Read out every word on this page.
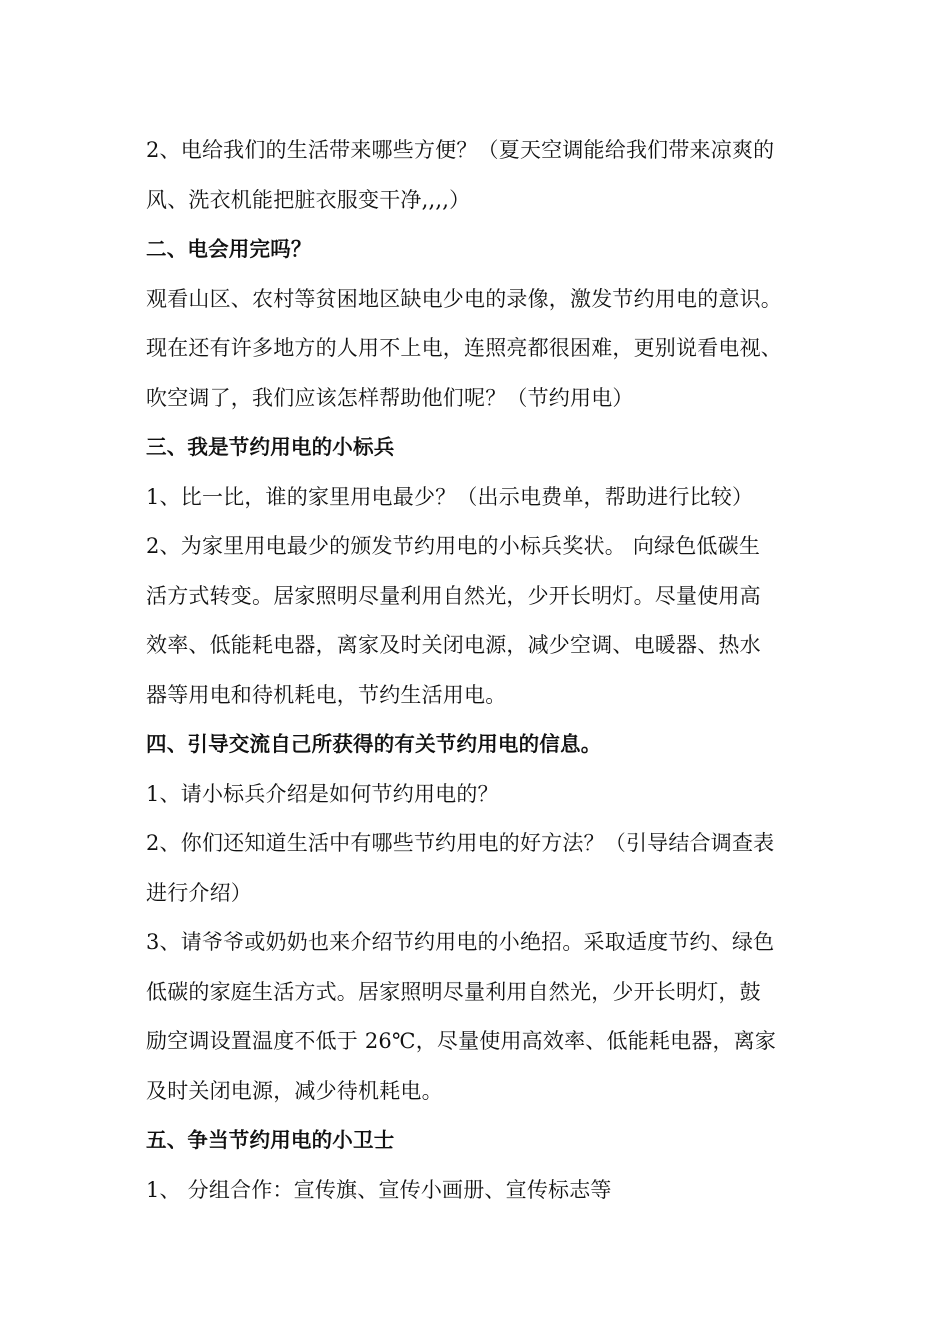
2、电给我们的生活带来哪些方便？（夏天空调能给我们带来凉爽的
风、洗衣机能把脏衣服变干净,,,,）
二、电会用完吗？
观看山区、农村等贫困地区缺电少电的录像，激发节约用电的意识。
现在还有许多地方的人用不上电，连照亮都很困难，更别说看电视、
吹空调了，我们应该怎样帮助他们呢？（节约用电）
三、我是节约用电的小标兵
1、比一比，谁的家里用电最少？（出示电费单，帮助进行比较）
2、为家里用电最少的颁发节约用电的小标兵奖状。 向绿色低碳生
活方式转变。居家照明尽量利用自然光，少开长明灯。尽量使用高
效率、低能耗电器，离家及时关闭电源，减少空调、电暖器、热水
器等用电和待机耗电，节约生活用电。
四、引导交流自己所获得的有关节约用电的信息。
1、请小标兵介绍是如何节约用电的？
2、你们还知道生活中有哪些节约用电的好方法？（引导结合调查表
进行介绍）
3、请爷爷或奶奶也来介绍节约用电的小绝招。采取适度节约、绿色
低碳的家庭生活方式。居家照明尽量利用自然光，少开长明灯，鼓
励空调设置温度不低于 26℃，尽量使用高效率、低能耗电器，离家
及时关闭电源，减少待机耗电。
五、争当节约用电的小卫士
1、 分组合作：宣传旗、宣传小画册、宣传标志等
